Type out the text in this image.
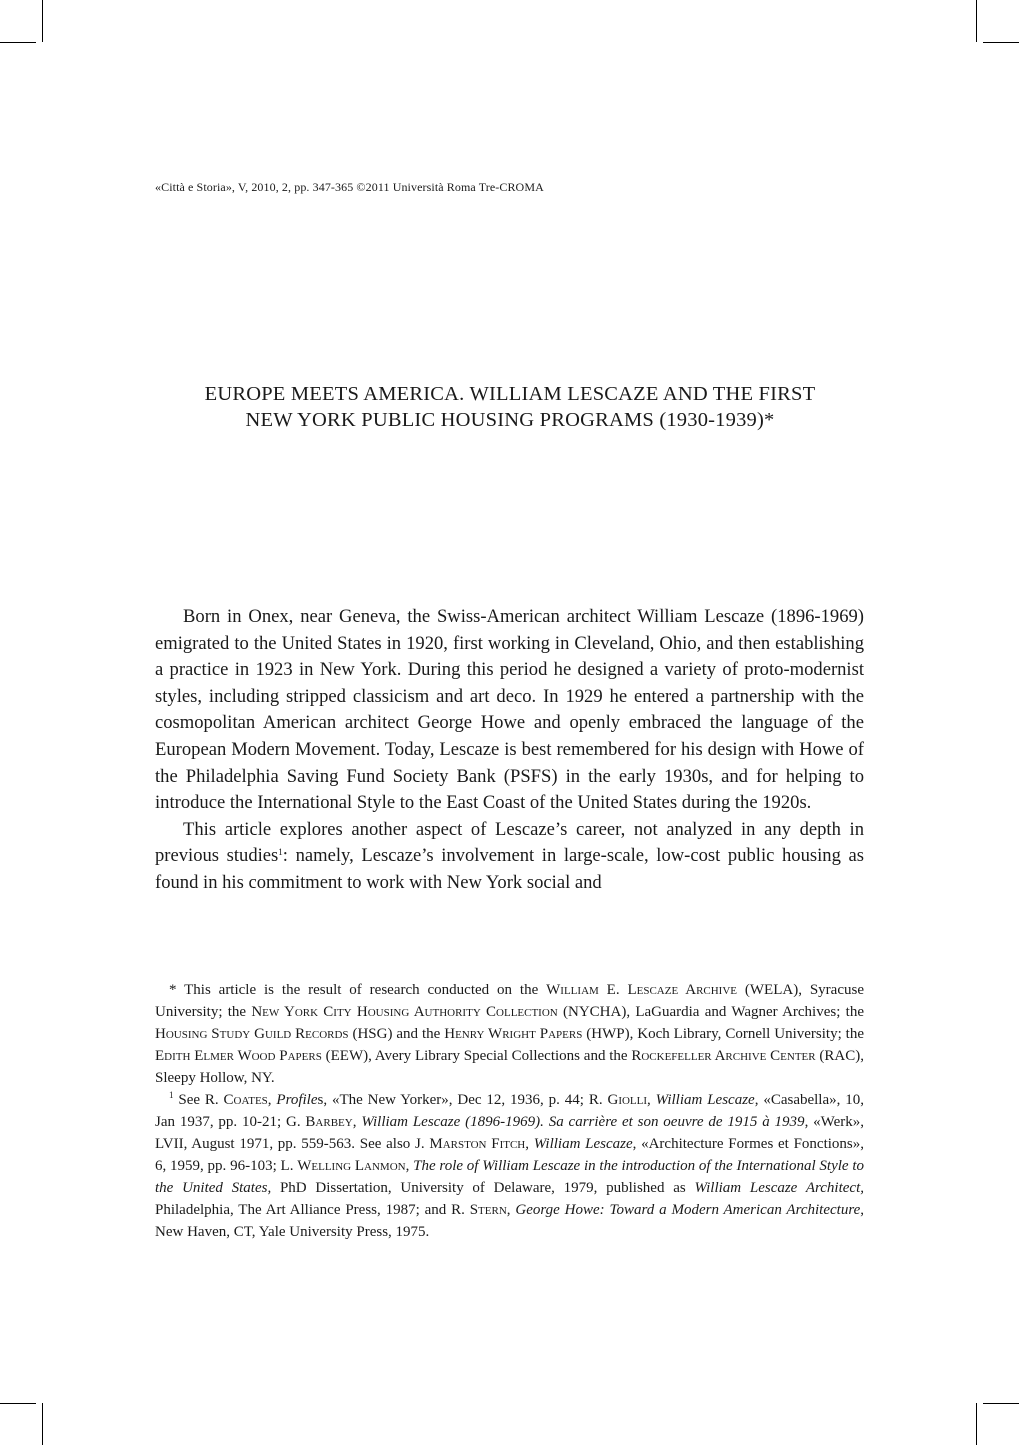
«Città e Storia», V, 2010, 2, pp. 347-365 ©2011 Università Roma Tre-CROMA
EUROPE MEETS AMERICA. WILLIAM LESCAZE AND THE FIRST
NEW YORK PUBLIC HOUSING PROGRAMS (1930-1939)*

Born in Onex, near Geneva, the Swiss-American architect William Lescaze (1896-1969) emigrated to the United States in 1920, first working in Cleveland, Ohio, and then establishing a practice in 1923 in New York. During this period he designed a variety of proto-modernist styles, including stripped classicism and art deco. In 1929 he entered a partnership with the cosmopolitan American architect George Howe and openly embraced the language of the European Modern Movement. Today, Lescaze is best remembered for his design with Howe of the Philadelphia Saving Fund Society Bank (PSFS) in the early 1930s, and for helping to introduce the International Style to the East Coast of the United States during the 1920s.

This article explores another aspect of Lescaze’s career, not analyzed in any depth in previous studies$^1$: namely, Lescaze’s involvement in large-scale, low-cost public housing as found in his commitment to work with New York social and

* This article is the result of research conducted on the William E. Lescaze Archive (WELA), Syracuse University; the New York City Housing Authority Collection (NYCHA), LaGuardia and Wagner Archives; the Housing Study Guild Records (HSG) and the Henry Wright Papers (HWP), Koch Library, Cornell University; the Edith Elmer Wood Papers (EEW), Avery Library Special Collections and the Rockefeller Archive Center (RAC), Sleepy Hollow, NY.

$^1$ See R. Coates, Profiles, «The New Yorker», Dec 12, 1936, p. 44; R. Giolli, William Lescaze, «Casabella», 10, Jan 1937, pp. 10-21; G. Barbey, William Lescaze (1896-1969). Sa carrière et son oeuvre de 1915 à 1939, «Werk», LVII, August 1971, pp. 559-563. See also J. Marston Fitch, William Lescaze, «Architecture Formes et Fonctions», 6, 1959, pp. 96-103; L. Welling Lanmon, The role of William Lescaze in the introduction of the International Style to the United States, PhD Dissertation, University of Delaware, 1979, published as William Lescaze Architect, Philadelphia, The Art Alliance Press, 1987; and R. Stern, George Howe: Toward a Modern American Architecture, New Haven, CT, Yale University Press, 1975.
